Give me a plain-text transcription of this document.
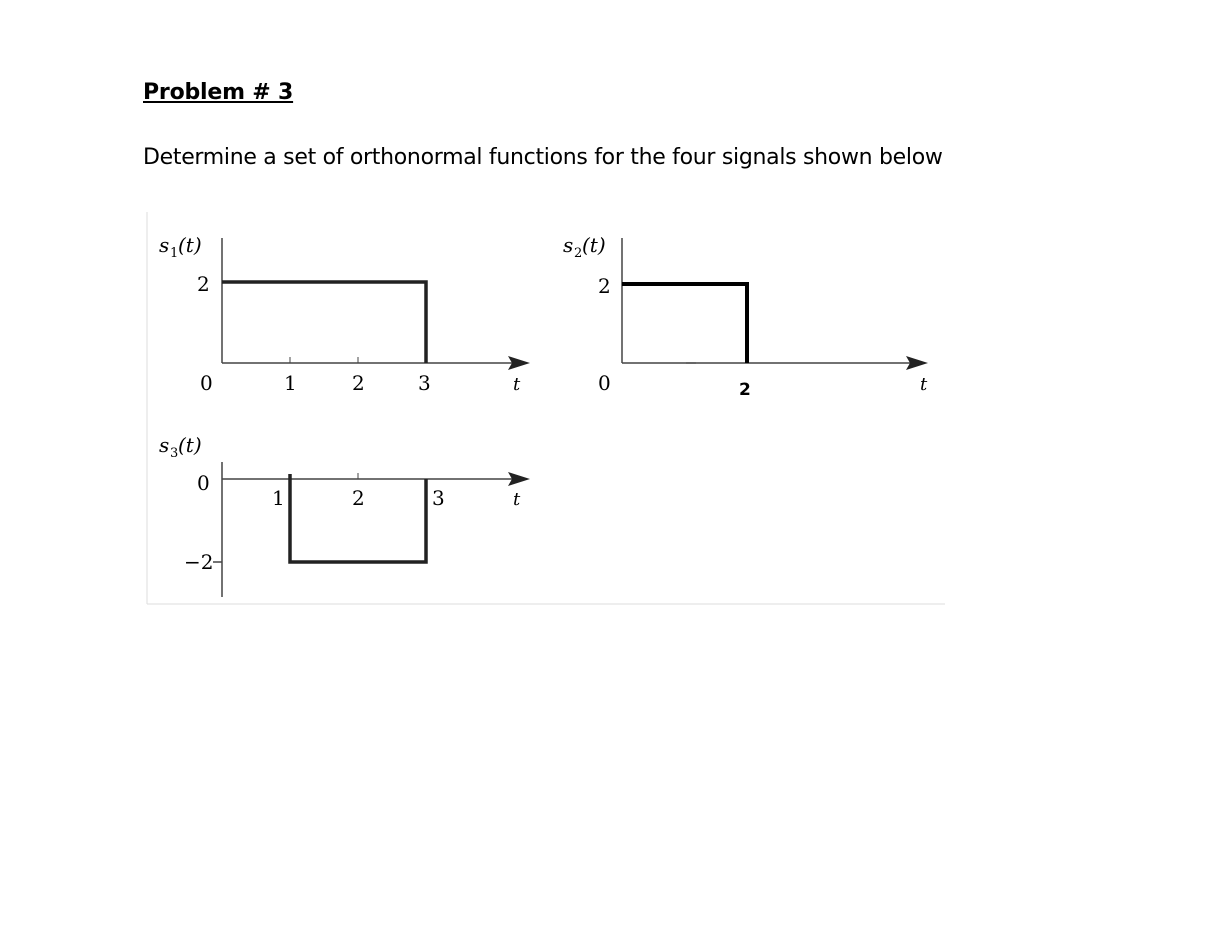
Problem # 3
Determine a set of orthonormal functions for the four signals shown below
s 1 (t)
2
0	1	2	3	t
s 2 (t)
2
0	2	t
s 3 (t)
0
−2
1	2	3	t
